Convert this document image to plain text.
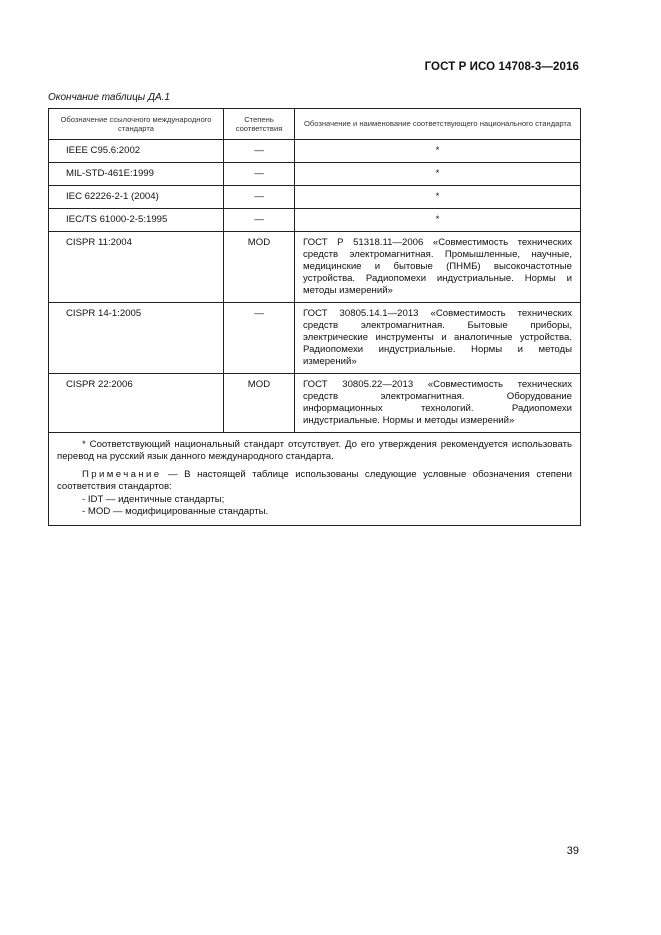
ГОСТ Р ИСО 14708-3—2016
Окончание таблицы ДА.1
Обозначение ссылочного международного стандарта	Степень соответствия	Обозначение и наименование соответствующего национального стандарта
IEEE C95.6:2002	—	*
MIL-STD-461E:1999	—	*
IEC 62226-2-1 (2004)	—	*
IEC/TS 61000-2-5:1995	—	*
CISPR 11:2004	MOD	ГОСТ Р 51318.11—2006 «Совместимость технических средств электромагнитная. Промышленные, научные, медицинские и бытовые (ПНМБ) высокочастотные устройства. Радиопомехи индустриальные. Нормы и методы измерений»
CISPR 14-1:2005	—	ГОСТ 30805.14.1—2013 «Совместимость технических средств электромагнитная. Бытовые приборы, электрические инструменты и аналогичные устройства. Радиопомехи индустриальные. Нормы и методы измерений»
CISPR 22:2006	MOD	ГОСТ 30805.22—2013 «Совместимость технических средств электромагнитная. Оборудование информационных технологий. Радиопомехи индустриальные. Нормы и методы измерений»

* Соответствующий национальный стандарт отсутствует. До его утверждения рекомендуется использовать перевод на русский язык данного международного стандарта.

Примечание — В настоящей таблице использованы следующие условные обозначения степени соответствия стандартов:

- IDT — идентичные стандарты;

- MOD — модифицированные стандарты.		

39
